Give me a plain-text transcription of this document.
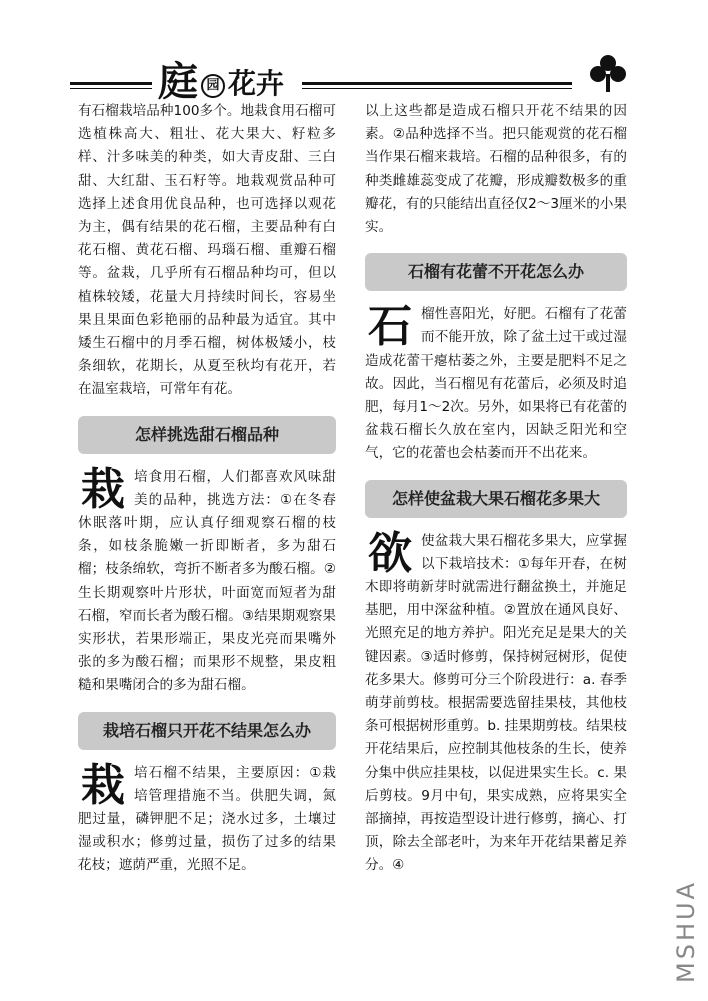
庭 园 花卉

有石榴栽培品种100多个。地栽食用石榴可选植株高大、粗壮、花大果大、籽粒多样、汁多味美的种类，如大青皮甜、三白甜、大红甜、玉石籽等。地栽观赏品种可选择上述食用优良品种，也可选择以观花为主，偶有结果的花石榴，主要品种有白花石榴、黄花石榴、玛瑙石榴、重瓣石榴等。盆栽，几乎所有石榴品种均可，但以植株较矮，花量大月持续时间长，容易坐果且果面色彩艳丽的品种最为适宜。其中矮生石榴中的月季石榴，树体极矮小，枝条细软，花期长，从夏至秋均有花开，若在温室栽培，可常年有花。

怎样挑选甜石榴品种
栽 培食用石榴，人们都喜欢风味甜美的品种，挑选方法：①在冬春休眠落叶期，应认真仔细观察石榴的枝条，如枝条脆嫩一折即断者，多为甜石榴；枝条绵软，弯折不断者多为酸石榴。②生长期观察叶片形状，叶面宽而短者为甜石榴，窄而长者为酸石榴。③结果期观察果实形状，若果形端正，果皮光亮而果嘴外张的多为酸石榴；而果形不规整，果皮粗糙和果嘴闭合的多为甜石榴。

栽培石榴只开花不结果怎么办
栽 培石榴不结果，主要原因：①栽培管理措施不当。供肥失调，氮肥过量，磷钾肥不足；浇水过多，土壤过湿或积水；修剪过量，损伤了过多的结果花枝；遮荫严重，光照不足。

以上这些都是造成石榴只开花不结果的因素。②品种选择不当。把只能观赏的花石榴当作果石榴来栽培。石榴的品种很多，有的种类雌雄蕊变成了花瓣，形成瓣数极多的重瓣花，有的只能结出直径仅2～3厘米的小果实。

石榴有花蕾不开花怎么办
石 榴性喜阳光，好肥。石榴有了花蕾而不能开放，除了盆土过干或过湿造成花蕾干瘪枯萎之外，主要是肥料不足之故。因此，当石榴见有花蕾后，必须及时追肥，每月1～2次。另外，如果将已有花蕾的盆栽石榴长久放在室内，因缺乏阳光和空气，它的花蕾也会枯萎而开不出花来。

怎样使盆栽大果石榴花多果大
欲 使盆栽大果石榴花多果大，应掌握以下栽培技术：①每年开春，在树木即将萌新芽时就需进行翻盆换土，并施足基肥，用中深盆种植。②置放在通风良好、光照充足的地方养护。阳光充足是果大的关键因素。③适时修剪，保持树冠树形，促使花多果大。修剪可分三个阶段进行：a. 春季萌芽前剪枝。根据需要选留挂果枝，其他枝条可根据树形重剪。b. 挂果期剪枝。结果枝开花结果后，应控制其他枝条的生长，使养分集中供应挂果枝，以促进果实生长。c. 果后剪枝。9月中旬，果实成熟，应将果实全部摘掉，再按造型设计进行修剪，摘心、打顶，除去全部老叶，为来年开花结果蓄足养分。④

MSHUA
